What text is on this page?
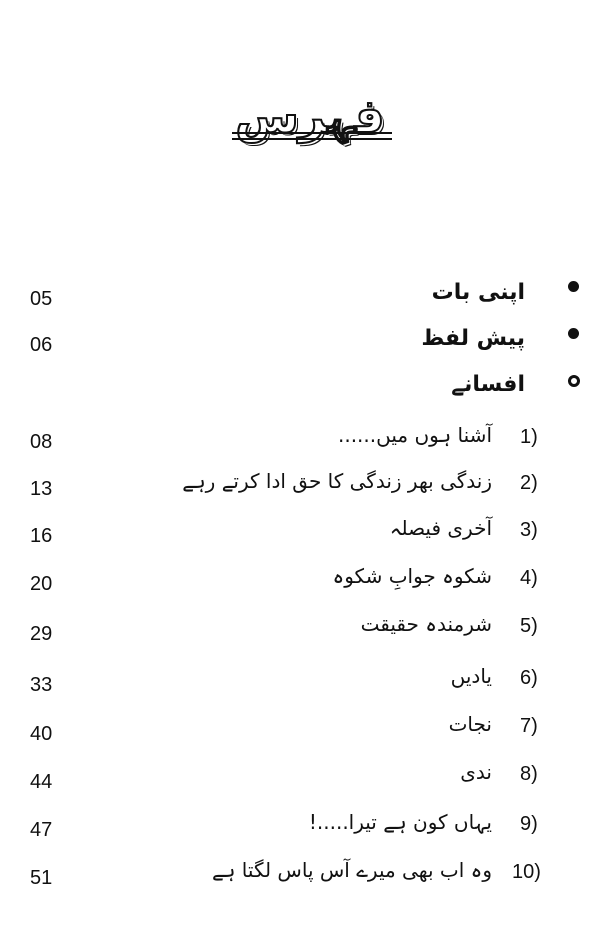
فہرس
اپنی بات
05
پیش لفظ
06
افسانے
1)
آشنا ہوں میں......
08
2)
زندگی بھر زندگی کا حق ادا کرتے رہے
13
3)
آخری فیصلہ
16
4)
شکوہ جوابِ شکوہ
20
5)
شرمندہ حقیقت
29
6)
یادیں
33
7)
نجات
40
8)
ندی
44
9)
یہاں کون ہے تیرا.....!
47
10)
وہ اب بھی میرے آس پاس لگتا ہے
51
